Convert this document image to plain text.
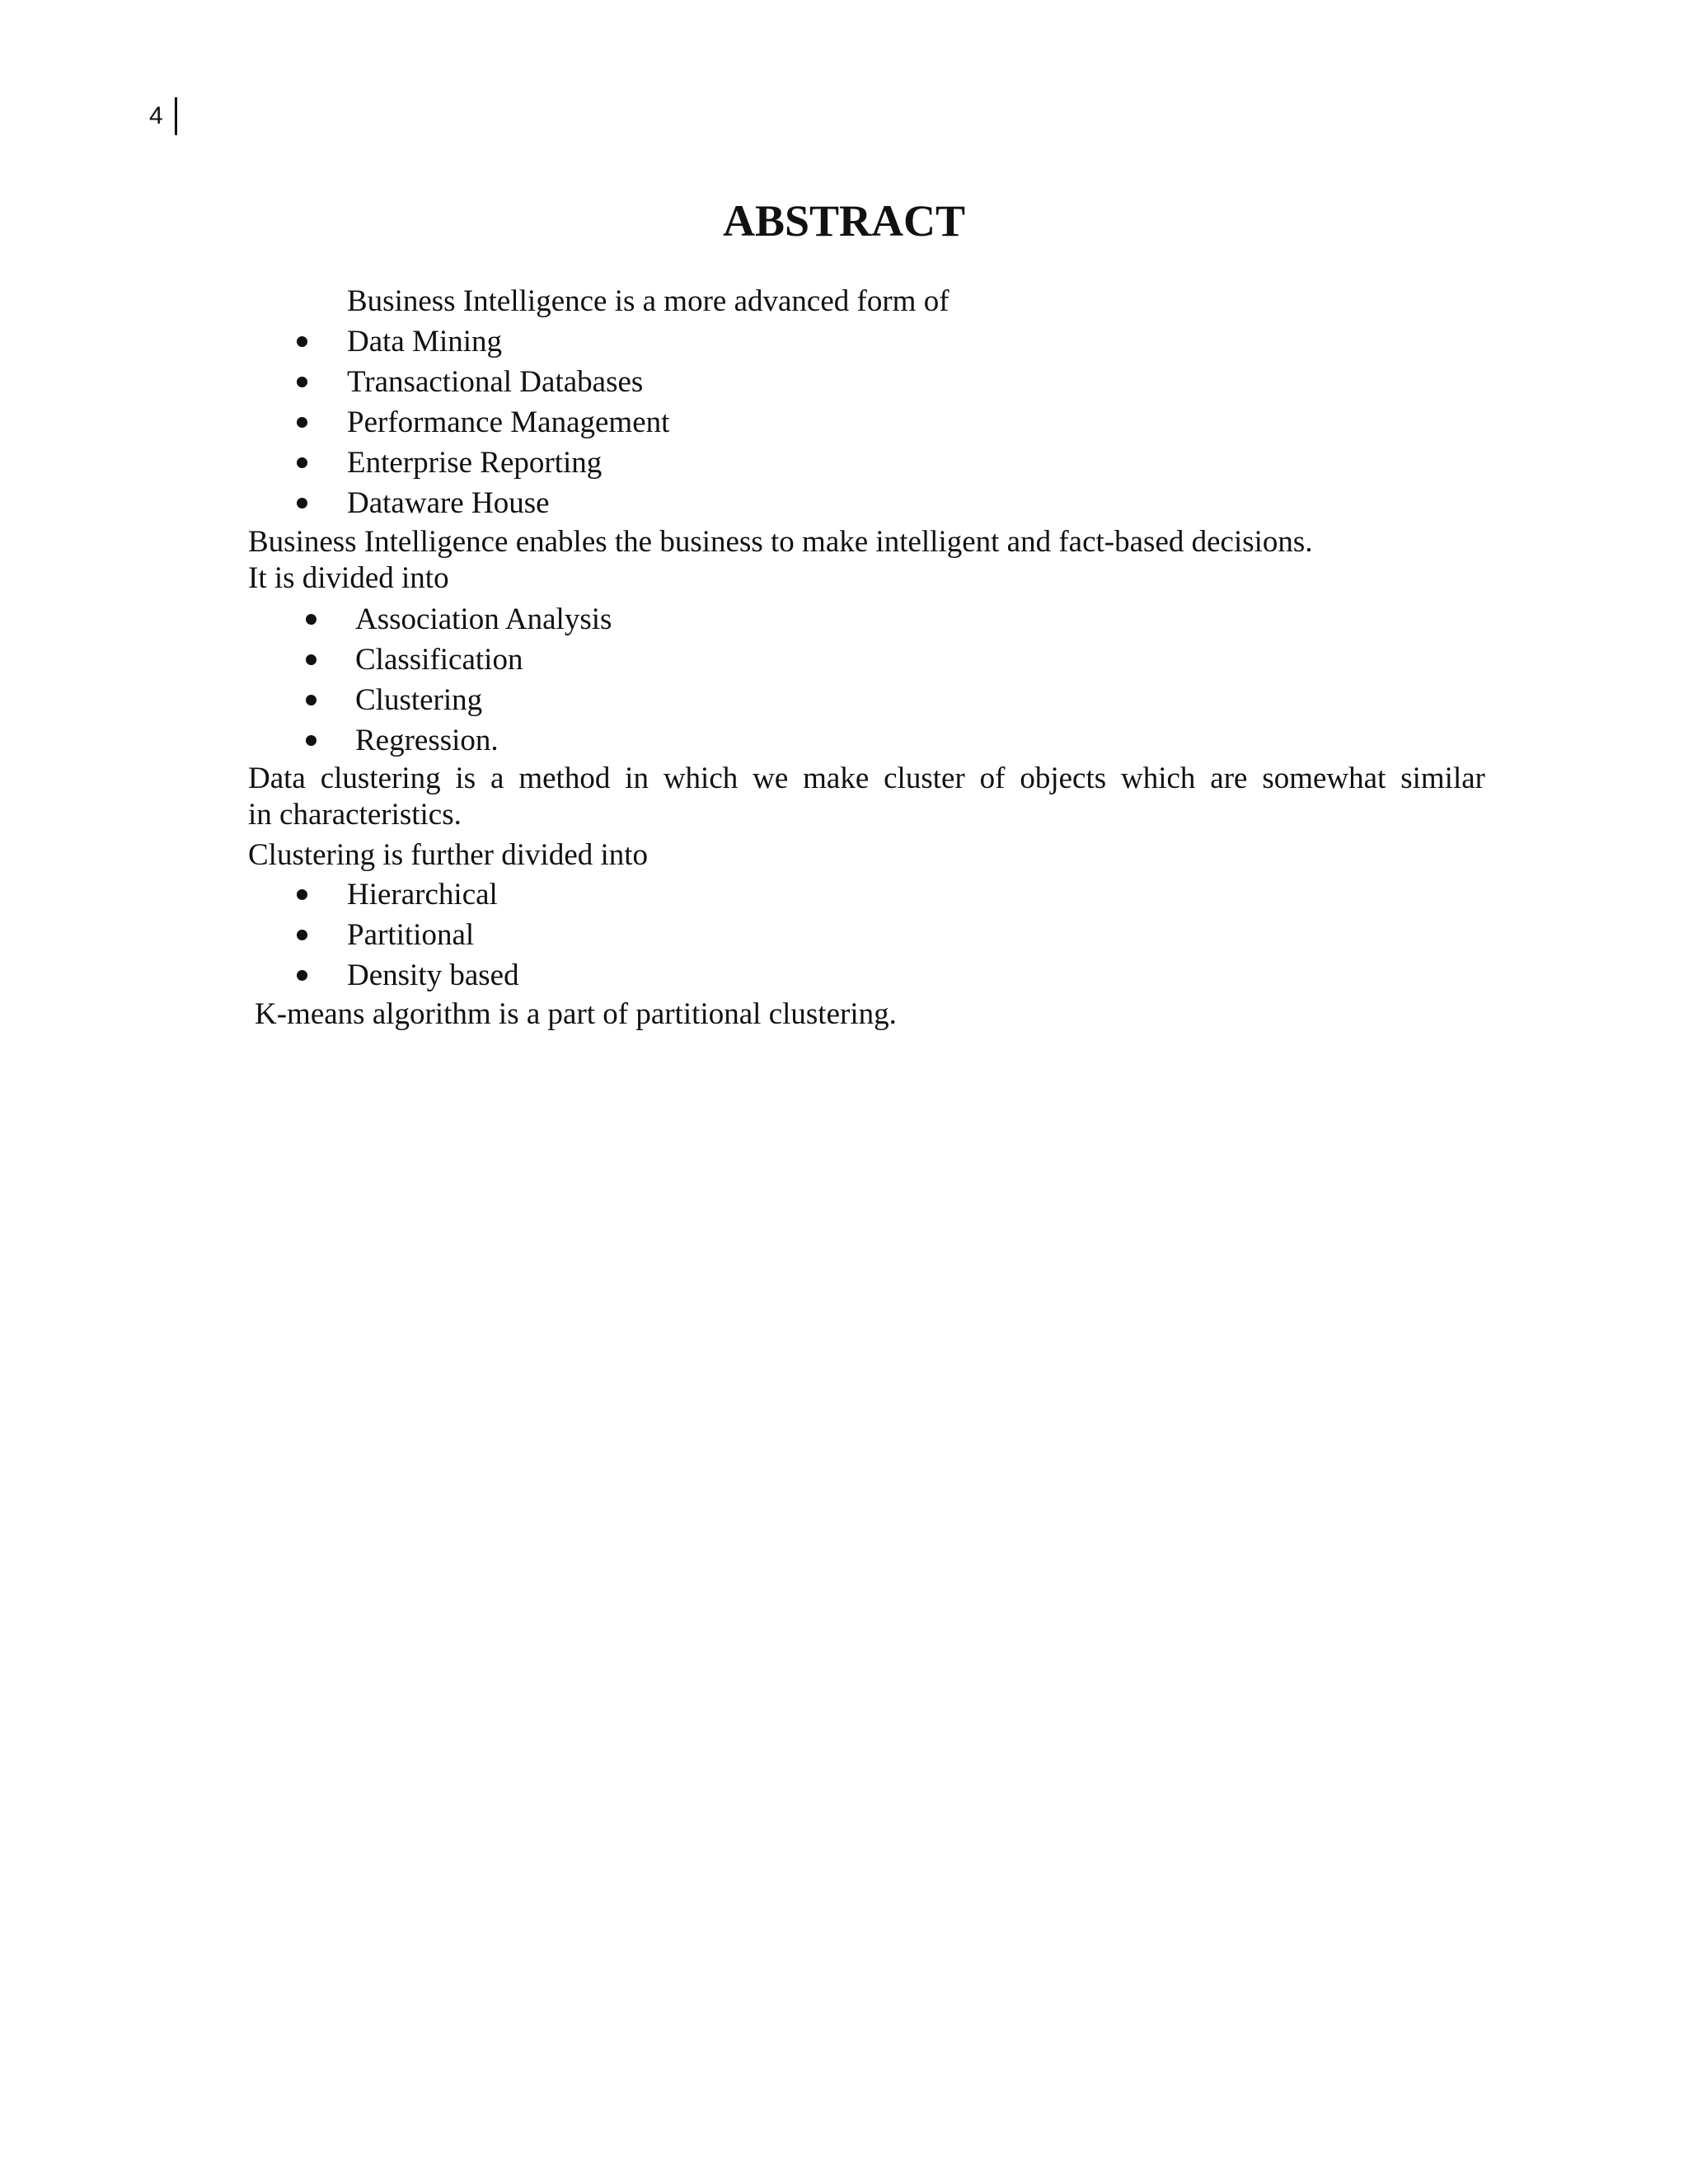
4
ABSTRACT
Business Intelligence is a more advanced form of
Data Mining
Transactional Databases
Performance Management
Enterprise Reporting
Dataware House
Business Intelligence enables the business to make intelligent and fact-based decisions.
It is divided into
Association Analysis
Classification
Clustering
Regression.
Data clustering is a method in which we make cluster of objects which are somewhat similar
in characteristics.
Clustering is further divided into
Hierarchical
Partitional
Density based
K-means algorithm is a part of partitional clustering.
